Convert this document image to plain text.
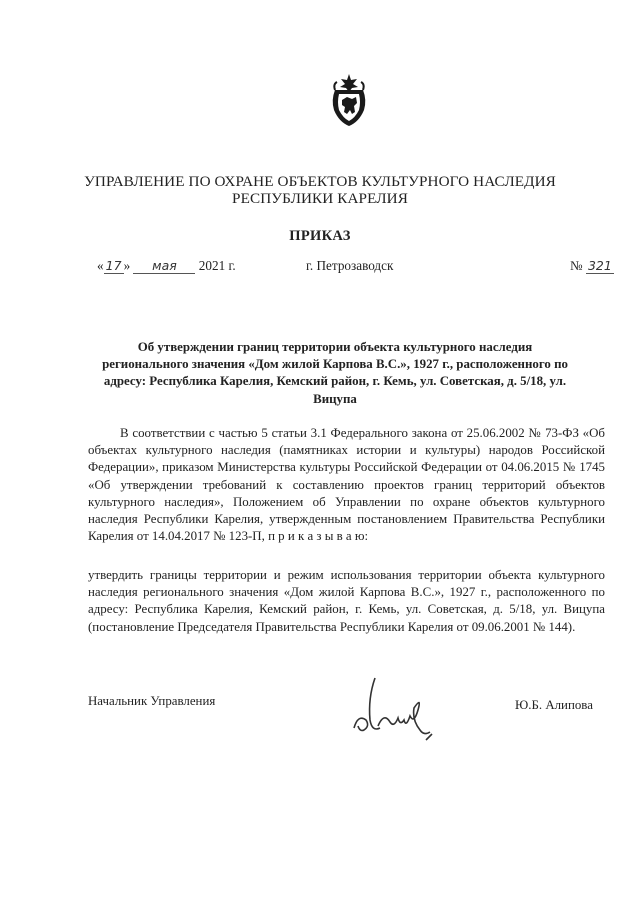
УПРАВЛЕНИЕ ПО ОХРАНЕ ОБЪЕКТОВ КУЛЬТУРНОГО НАСЛЕДИЯ
РЕСПУБЛИКИ КАРЕЛИЯ
ПРИКАЗ
« 17 » мая 2021 г.	г. Петрозаводск	№ 321
Об утверждении границ территории объекта культурного наследия регионального значения «Дом жилой Карпова В.С.», 1927 г., расположенного по адресу: Республика Карелия, Кемский район, г. Кемь, ул. Советская, д. 5/18, ул. Вицупа
В соответствии с частью 5 статьи 3.1 Федерального закона от 25.06.2002 № 73-ФЗ «Об объектах культурного наследия (памятниках истории и культуры) народов Российской Федерации», приказом Министерства культуры Российской Федерации от 04.06.2015 № 1745 «Об утверждении требований к составлению проектов границ территорий объектов культурного наследия», Положением об Управлении по охране объектов культурного наследия Республики Карелия, утвержденным постановлением Правительства Республики Карелия от 14.04.2017 № 123-П, п р и к а з ы в а ю:
утвердить границы территории и режим использования территории объекта культурного наследия регионального значения «Дом жилой Карпова В.С.», 1927 г., расположенного по адресу: Республика Карелия, Кемский район, г. Кемь, ул. Советская, д. 5/18, ул. Вицупа (постановление Председателя Правительства Республики Карелия от 09.06.2001 № 144).
Начальник Управления	Ю.Б. Алипова
